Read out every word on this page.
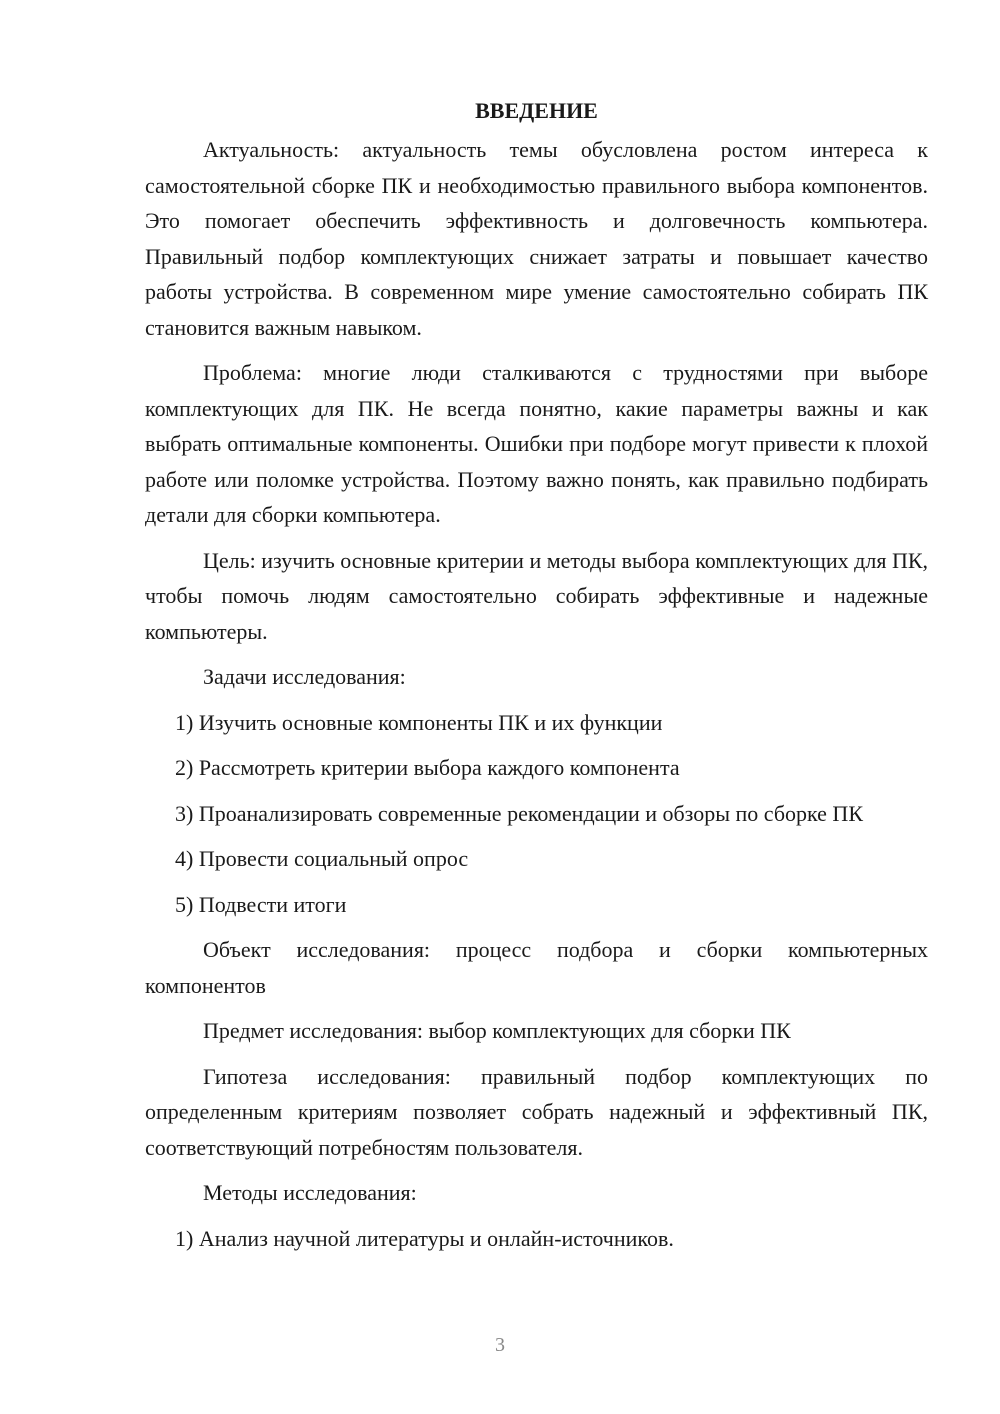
ВВЕДЕНИЕ

Актуальность: актуальность темы обусловлена ростом интереса к самостоятельной сборке ПК и необходимостью правильного выбора компонентов. Это помогает обеспечить эффективность и долговечность компьютера. Правильный подбор комплектующих снижает затраты и повышает качество работы устройства. В современном мире умение самостоятельно собирать ПК становится важным навыком.

Проблема: многие люди сталкиваются с трудностями при выборе комплектующих для ПК. Не всегда понятно, какие параметры важны и как выбрать оптимальные компоненты. Ошибки при подборе могут привести к плохой работе или поломке устройства. Поэтому важно понять, как правильно подбирать детали для сборки компьютера.

Цель: изучить основные критерии и методы выбора комплектующих для ПК, чтобы помочь людям самостоятельно собирать эффективные и надежные компьютеры.

Задачи исследования:

1) Изучить основные компоненты ПК и их функции

2) Рассмотреть критерии выбора каждого компонента

3) Проанализировать современные рекомендации и обзоры по сборке ПК

4) Провести социальный опрос

5) Подвести итоги

Объект исследования: процесс подбора и сборки компьютерных компонентов

Предмет исследования: выбор комплектующих для сборки ПК

Гипотеза исследования: правильный подбор комплектующих по определенным критериям позволяет собрать надежный и эффективный ПК, соответствующий потребностям пользователя.

Методы исследования:

1) Анализ научной литературы и онлайн-источников.

3
